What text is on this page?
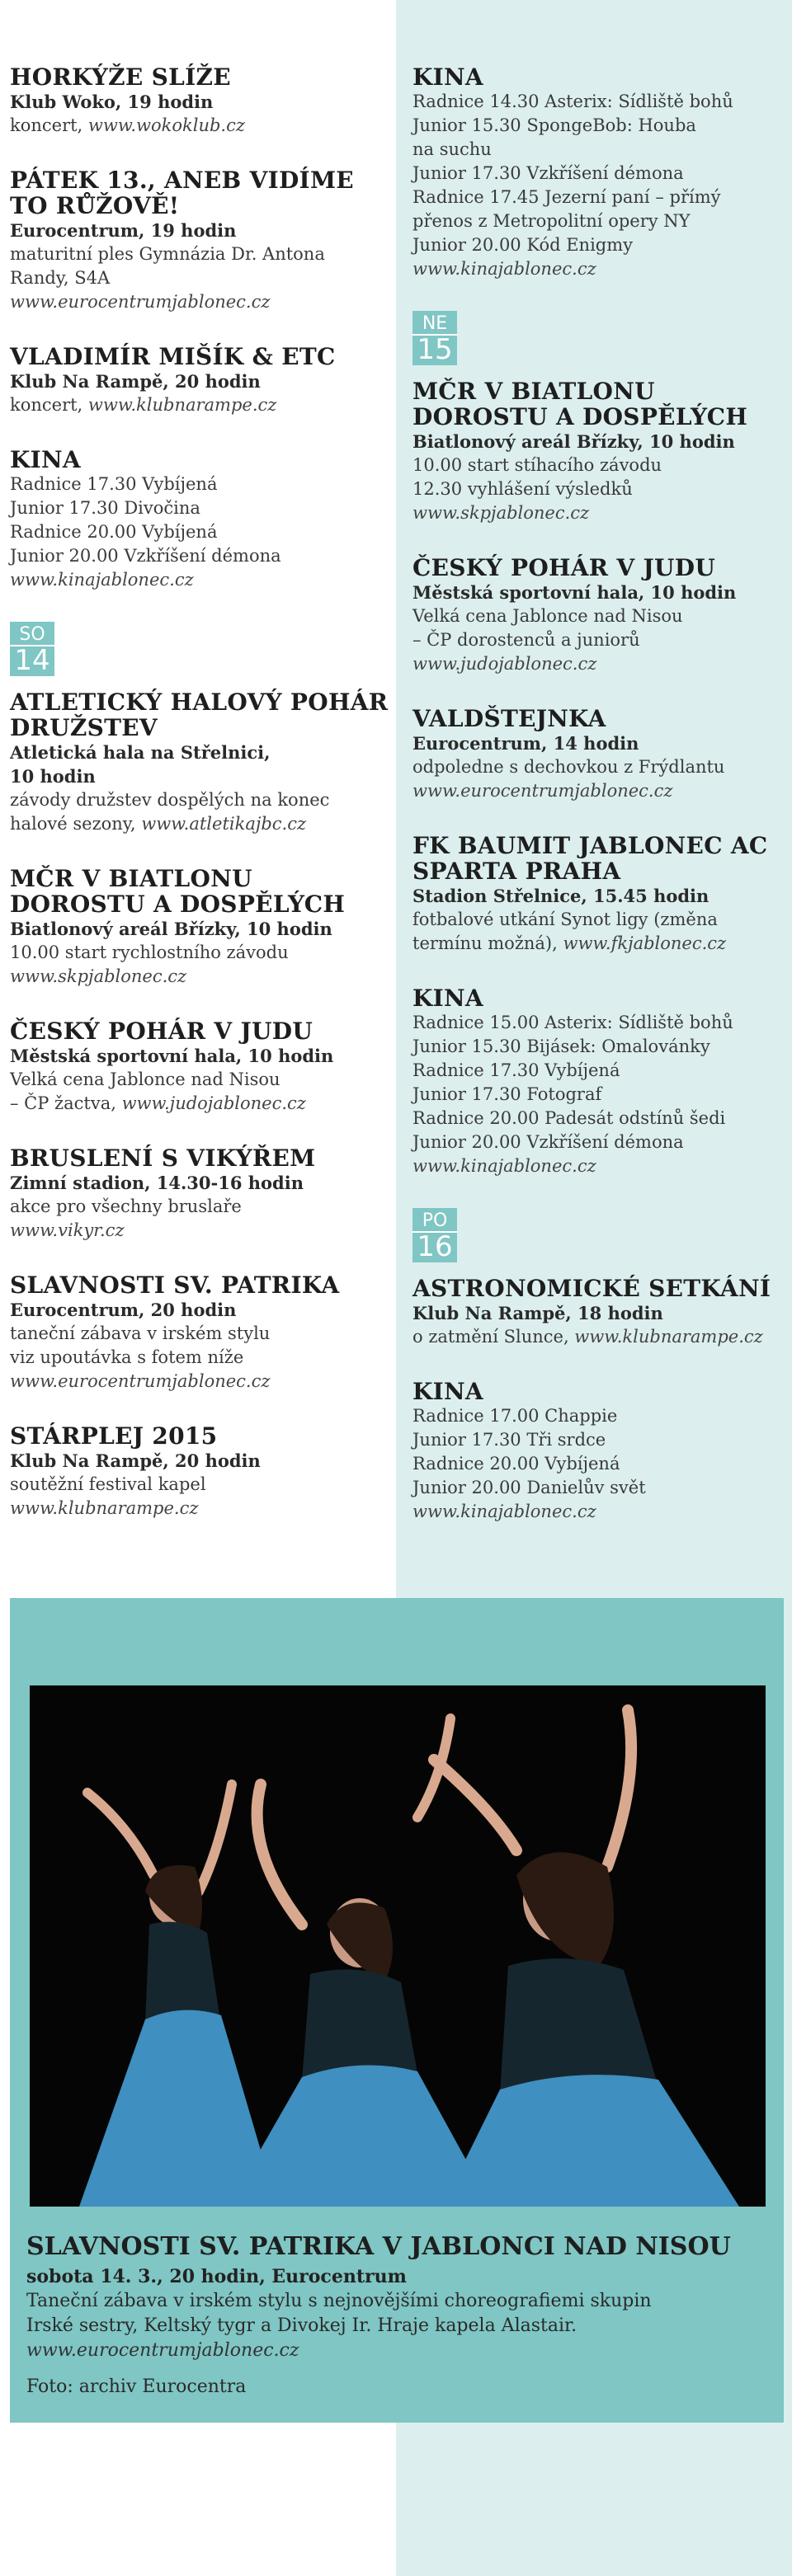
HORKÝŽE SLÍŽE
Klub Woko, 19 hodin
koncert, www.wokoklub.cz
PÁTEK 13., ANEB VIDÍME TO RŮŽOVĚ!
Eurocentrum, 19 hodin
maturitní ples Gymnázia Dr. Antona
Randy, S4A
www.eurocentrumjablonec.cz
VLADIMÍR MIŠÍK & ETC
Klub Na Rampě, 20 hodin
koncert, www.klubnarampe.cz
KINA
Radnice 17.30 Vybíjená
Junior 17.30 Divočina
Radnice 20.00 Vybíjená
Junior 20.00 Vzkříšení démona
www.kinajablonec.cz
SO
14
ATLETICKÝ HALOVÝ POHÁR DRUŽSTEV
Atletická hala na Střelnici,
10 hodin
závody družstev dospělých na konec
halové sezony, www.atletikajbc.cz
MČR V BIATLONU DOROSTU A DOSPĚLÝCH
Biatlonový areál Břízky, 10 hodin
10.00 start rychlostního závodu
www.skpjablonec.cz
ČESKÝ POHÁR V JUDU
Městská sportovní hala, 10 hodin
Velká cena Jablonce nad Nisou
– ČP žactva, www.judojablonec.cz
BRUSLENÍ S VIKÝŘEM
Zimní stadion, 14.30-16 hodin
akce pro všechny bruslaře
www.vikyr.cz
SLAVNOSTI SV. PATRIKA
Eurocentrum, 20 hodin
taneční zábava v irském stylu
viz upoutávka s fotem níže
www.eurocentrumjablonec.cz
STÁRPLEJ 2015
Klub Na Rampě, 20 hodin
soutěžní festival kapel
www.klubnarampe.cz
KINA
Radnice 14.30 Asterix: Sídliště bohů
Junior 15.30 SpongeBob: Houba
na suchu
Junior 17.30 Vzkříšení démona
Radnice 17.45 Jezerní paní – přímý
přenos z Metropolitní opery NY
Junior 20.00 Kód Enigmy
www.kinajablonec.cz
NE
15
MČR V BIATLONU DOROSTU A DOSPĚLÝCH
Biatlonový areál Břízky, 10 hodin
10.00 start stíhacího závodu
12.30 vyhlášení výsledků
www.skpjablonec.cz
ČESKÝ POHÁR V JUDU
Městská sportovní hala, 10 hodin
Velká cena Jablonce nad Nisou
– ČP dorostenců a juniorů
www.judojablonec.cz
VALDŠTEJNKA
Eurocentrum, 14 hodin
odpoledne s dechovkou z Frýdlantu
www.eurocentrumjablonec.cz
FK BAUMIT JABLONEC AC SPARTA PRAHA
Stadion Střelnice, 15.45 hodin
fotbalové utkání Synot ligy (změna
termínu možná), www.fkjablonec.cz
KINA
Radnice 15.00 Asterix: Sídliště bohů
Junior 15.30 Bijásek: Omalovánky
Radnice 17.30 Vybíjená
Junior 17.30 Fotograf
Radnice 20.00 Padesát odstínů šedi
Junior 20.00 Vzkříšení démona
www.kinajablonec.cz
PO
16
ASTRONOMICKÉ SETKÁNÍ
Klub Na Rampě, 18 hodin
o zatmění Slunce, www.klubnarampe.cz
KINA
Radnice 17.00 Chappie
Junior 17.30 Tři srdce
Radnice 20.00 Vybíjená
Junior 20.00 Danielův svět
www.kinajablonec.cz
SLAVNOSTI SV. PATRIKA V JABLONCI NAD NISOU
sobota 14. 3., 20 hodin, Eurocentrum
Taneční zábava v irském stylu s nejnovějšími choreografiemi skupin
Irské sestry, Keltský tygr a Divokej Ir. Hraje kapela Alastair.
www.eurocentrumjablonec.cz
Foto: archiv Eurocentra
